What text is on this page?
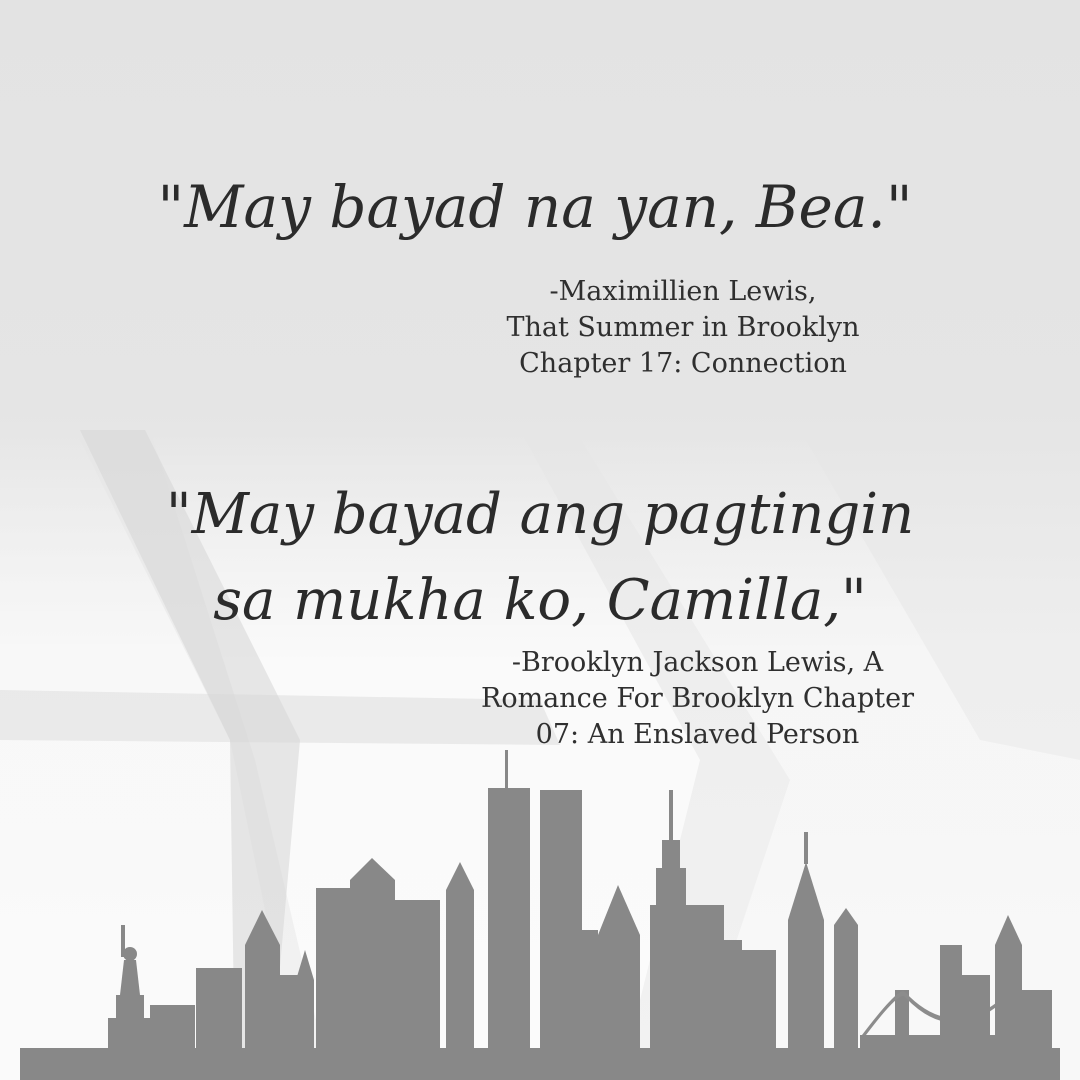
"May bayad na yan, Bea."

-Maximillien Lewis,
That Summer in Brooklyn
Chapter 17: Connection

"May bayad ang pagtingin
sa mukha ko, Camilla,"

-Brooklyn Jackson Lewis, A
Romance For Brooklyn Chapter
07: An Enslaved Person
